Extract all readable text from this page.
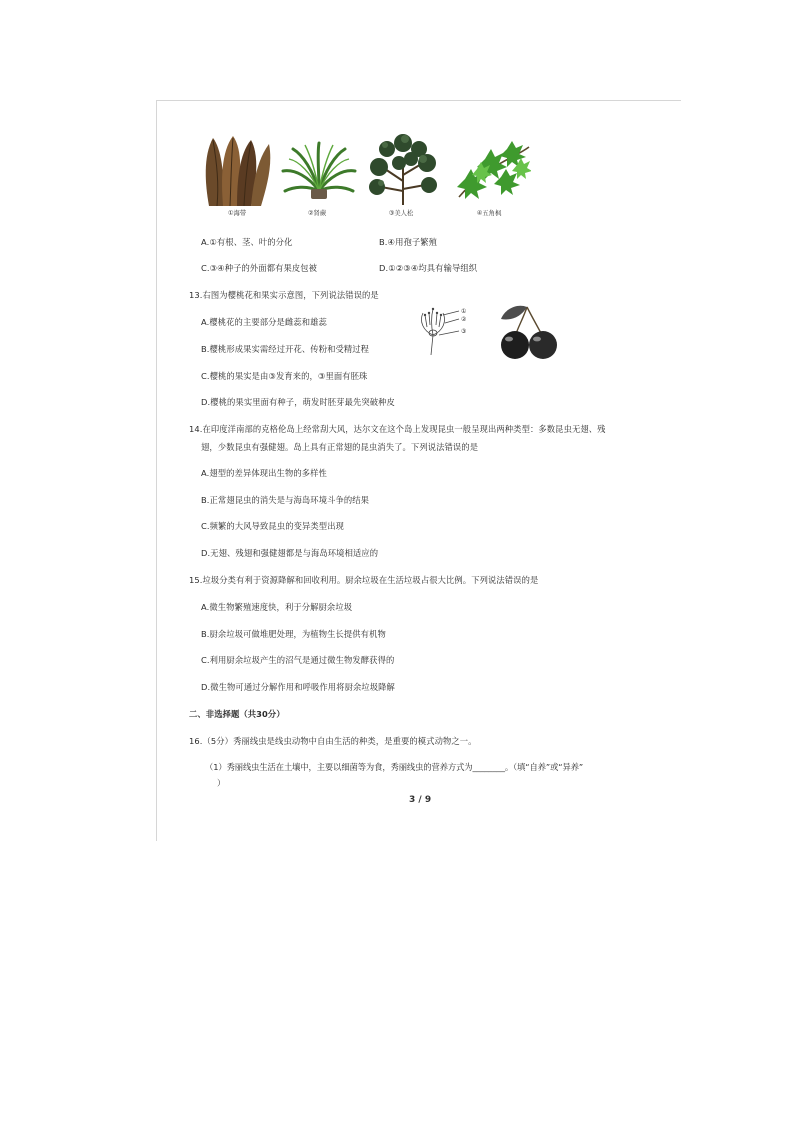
①海带	②肾蕨	③美人松	④五角枫
A.①有根、茎、叶的分化	B.④用孢子繁殖
C.③④种子的外面都有果皮包被	D.①②③④均具有输导组织
13.右图为樱桃花和果实示意图，下列说法错误的是
①
②
③
A.樱桃花的主要部分是雌蕊和雄蕊
B.樱桃形成果实需经过开花、传粉和受精过程
C.樱桃的果实是由③发育来的，③里面有胚珠
D.樱桃的果实里面有种子，萌发时胚芽最先突破种皮
14.在印度洋南部的克格伦岛上经常刮大风，达尔文在这个岛上发现昆虫一般呈现出两种类型：多数昆虫无翅、残
翅，少数昆虫有强健翅。岛上具有正常翅的昆虫消失了。下列说法错误的是
A.翅型的差异体现出生物的多样性
B.正常翅昆虫的消失是与海岛环境斗争的结果
C.频繁的大风导致昆虫的变异类型出现
D.无翅、残翅和强健翅都是与海岛环境相适应的
15.垃圾分类有利于资源降解和回收利用。厨余垃圾在生活垃圾占很大比例。下列说法错误的是
A.微生物繁殖速度快，利于分解厨余垃圾
B.厨余垃圾可做堆肥处理，为植物生长提供有机物
C.利用厨余垃圾产生的沼气是通过微生物发酵获得的
D.微生物可通过分解作用和呼吸作用将厨余垃圾降解
二、非选择题（共30分）
16.（5分）秀丽线虫是线虫动物中自由生活的种类，是重要的模式动物之一。
（1）秀丽线虫生活在土壤中，主要以细菌等为食，秀丽线虫的营养方式为________。（填“自养”或“异养”
）
3 / 9
